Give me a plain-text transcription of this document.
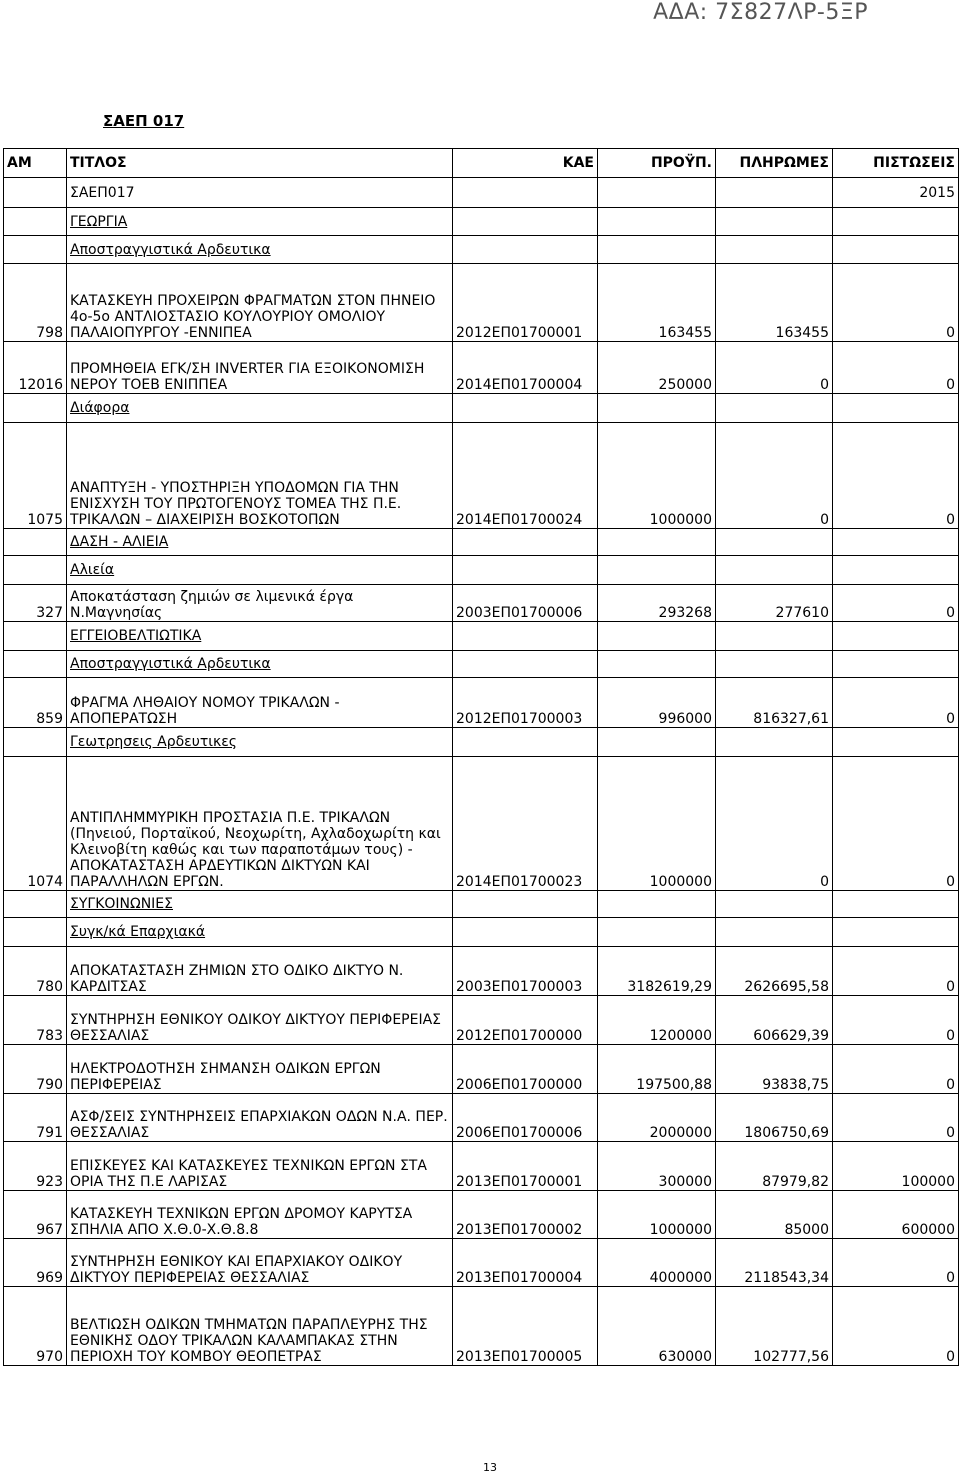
ΑΔΑ: 7Σ827ΛΡ-5ΞΡ
ΣΑΕΠ 017
ΑΜ	ΤΙΤΛΟΣ	ΚΑΕ	ΠΡΟΫΠ.	ΠΛΗΡΩΜΕΣ	ΠΙΣΤΩΣΕΙΣ
	ΣΑΕΠ017				2015
	ΓΕΩΡΓΙΑ				
	Αποστραγγιστικά Αρδευτικα				
798	ΚΑΤΑΣΚΕΥΗ ΠΡΟΧΕΙΡΩΝ ΦΡΑΓΜΑΤΩΝ ΣΤΟΝ ΠΗΝΕΙΟ 4ο-5ο ΑΝΤΛΙΟΣΤΑΣΙΟ ΚΟΥΛΟΥΡΙΟΥ ΟΜΟΛΙΟΥ ΠΑΛΑΙΟΠΥΡΓΟΥ -ΕΝΝΙΠΕΑ	2012ΕΠ01700001	163455	163455	0
12016	ΠΡΟΜΗΘΕΙΑ ΕΓΚ/ΣΗ INVERTER ΓΙΑ ΕΞΟΙΚΟΝΟΜΙΣΗ ΝΕΡΟΥ ΤΟΕΒ ΕΝΙΠΠΕΑ	2014ΕΠ01700004	250000	0	0
	Διάφορα				
1075	ΑΝΑΠΤΥΞΗ - ΥΠΟΣΤΗΡΙΞΗ ΥΠΟΔΟΜΩΝ ΓΙΑ ΤΗΝ ΕΝΙΣΧΥΣΗ ΤΟΥ ΠΡΩΤΟΓΕΝΟΥΣ ΤΟΜΕΑ ΤΗΣ Π.Ε. ΤΡΙΚΑΛΩΝ – ΔΙΑΧΕΙΡΙΣΗ ΒΟΣΚΟΤΟΠΩΝ	2014ΕΠ01700024	1000000	0	0
	ΔΑΣΗ - ΑΛΙΕΙΑ				
	Αλιεία				
327	Αποκατάσταση ζημιών σε λιμενικά έργα Ν.Μαγνησίας	2003ΕΠ01700006	293268	277610	0
	ΕΓΓΕΙΟΒΕΛΤΙΩΤΙΚΑ				
	Αποστραγγιστικά Αρδευτικα				
859	ΦΡΑΓΜΑ ΛΗΘΑΙΟΥ ΝΟΜΟΥ ΤΡΙΚΑΛΩΝ - ΑΠΟΠΕΡΑΤΩΣΗ	2012ΕΠ01700003	996000	816327,61	0
	Γεωτρησεις Αρδευτικες				
1074	ΑΝΤΙΠΛΗΜΜΥΡΙΚΗ ΠΡΟΣΤΑΣΙΑ Π.Ε. ΤΡΙΚΑΛΩΝ (Πηνειού, Πορταϊκού, Νεοχωρίτη, Αχλαδοχωρίτη και Κλεινοβίτη καθώς και των παραποτάμων τους) - ΑΠΟΚΑΤΑΣΤΑΣΗ ΑΡΔΕΥΤΙΚΩΝ ΔΙΚΤΥΩΝ ΚΑΙ ΠΑΡΑΛΛΗΛΩΝ ΕΡΓΩΝ.	2014ΕΠ01700023	1000000	0	0
	ΣΥΓΚΟΙΝΩΝΙΕΣ				
	Συγκ/κά Επαρχιακά				
780	ΑΠΟΚΑΤΑΣΤΑΣΗ ΖΗΜΙΩΝ ΣΤΟ ΟΔΙΚΟ ΔΙΚΤΥΟ Ν. ΚΑΡΔΙΤΣΑΣ	2003ΕΠ01700003	3182619,29	2626695,58	0
783	ΣΥΝΤΗΡΗΣΗ ΕΘΝΙΚΟΥ ΟΔΙΚΟΥ ΔΙΚΤΥΟΥ ΠΕΡΙΦΕΡΕΙΑΣ ΘΕΣΣΑΛΙΑΣ	2012ΕΠ01700000	1200000	606629,39	0
790	ΗΛΕΚΤΡΟΔΟΤΗΣΗ ΣΗΜΑΝΣΗ ΟΔΙΚΩΝ ΕΡΓΩΝ ΠΕΡΙΦΕΡΕΙΑΣ	2006ΕΠ01700000	197500,88	93838,75	0
791	ΑΣΦ/ΣΕΙΣ ΣΥΝΤΗΡΗΣΕΙΣ ΕΠΑΡΧΙΑΚΩΝ ΟΔΩΝ Ν.Α. ΠΕΡ. ΘΕΣΣΑΛΙΑΣ	2006ΕΠ01700006	2000000	1806750,69	0
923	ΕΠΙΣΚΕΥΕΣ ΚΑΙ ΚΑΤΑΣΚΕΥΕΣ ΤΕΧΝΙΚΩΝ ΕΡΓΩΝ ΣΤΑ ΟΡΙΑ ΤΗΣ Π.Ε ΛΑΡΙΣΑΣ	2013ΕΠ01700001	300000	87979,82	100000
967	ΚΑΤΑΣΚΕΥΗ ΤΕΧΝΙΚΩΝ ΕΡΓΩΝ ΔΡΟΜΟΥ ΚΑΡΥΤΣΑ ΣΠΗΛΙΑ ΑΠΟ Χ.Θ.0-Χ.Θ.8.8	2013ΕΠ01700002	1000000	85000	600000
969	ΣΥΝΤΗΡΗΣΗ ΕΘΝΙΚΟΥ ΚΑΙ ΕΠΑΡΧΙΑΚΟΥ ΟΔΙΚΟΥ ΔΙΚΤΥΟΥ ΠΕΡΙΦΕΡΕΙΑΣ ΘΕΣΣΑΛΙΑΣ	2013ΕΠ01700004	4000000	2118543,34	0
970	ΒΕΛΤΙΩΣΗ ΟΔΙΚΩΝ ΤΜΗΜΑΤΩΝ ΠΑΡΑΠΛΕΥΡΗΣ ΤΗΣ ΕΘΝΙΚΗΣ ΟΔΟΥ ΤΡΙΚΑΛΩΝ ΚΑΛΑΜΠΑΚΑΣ ΣΤΗΝ ΠΕΡΙΟΧΗ ΤΟΥ ΚΟΜΒΟΥ ΘΕΟΠΕΤΡΑΣ	2013ΕΠ01700005	630000	102777,56	0
13
